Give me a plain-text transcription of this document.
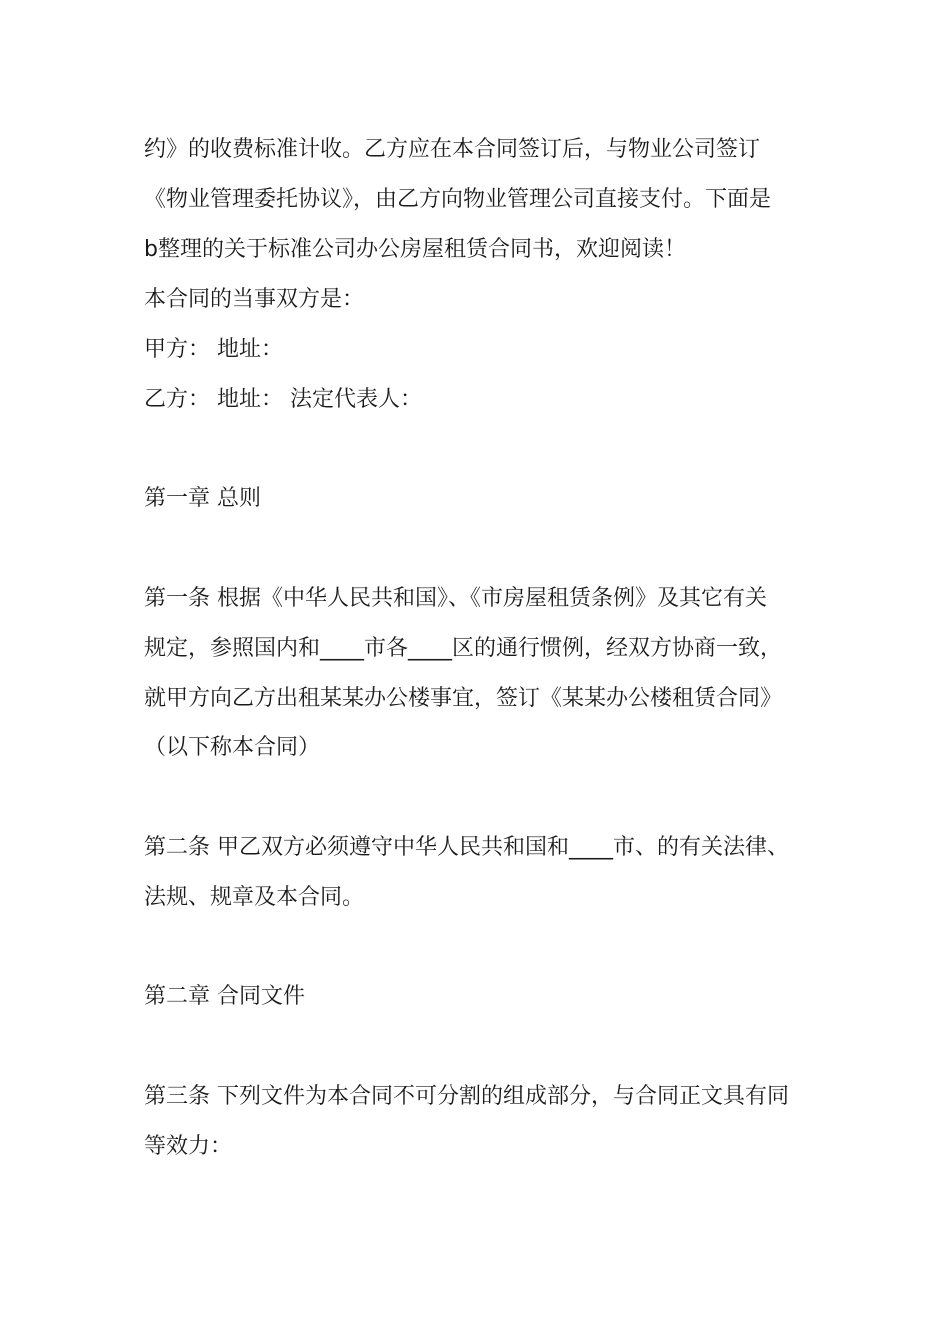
约》的收费标准计收。乙方应在本合同签订后，与物业公司签订
《物业管理委托协议》，由乙方向物业管理公司直接支付。下面是
b整理的关于标准公司办公房屋租赁合同书，欢迎阅读！
本合同的当事双方是：
甲方： 地址：
乙方： 地址： 法定代表人：
第一章 总则
第一条 根据《中华人民共和国》、《市房屋租赁条例》及其它有关
规定，参照国内和____市各____区的通行惯例，经双方协商一致，
就甲方向乙方出租某某办公楼事宜，签订《某某办公楼租赁合同》
（以下称本合同）
第二条 甲乙双方必须遵守中华人民共和国和____市、的有关法律、
法规、规章及本合同。
第二章 合同文件
第三条 下列文件为本合同不可分割的组成部分，与合同正文具有同
等效力：
